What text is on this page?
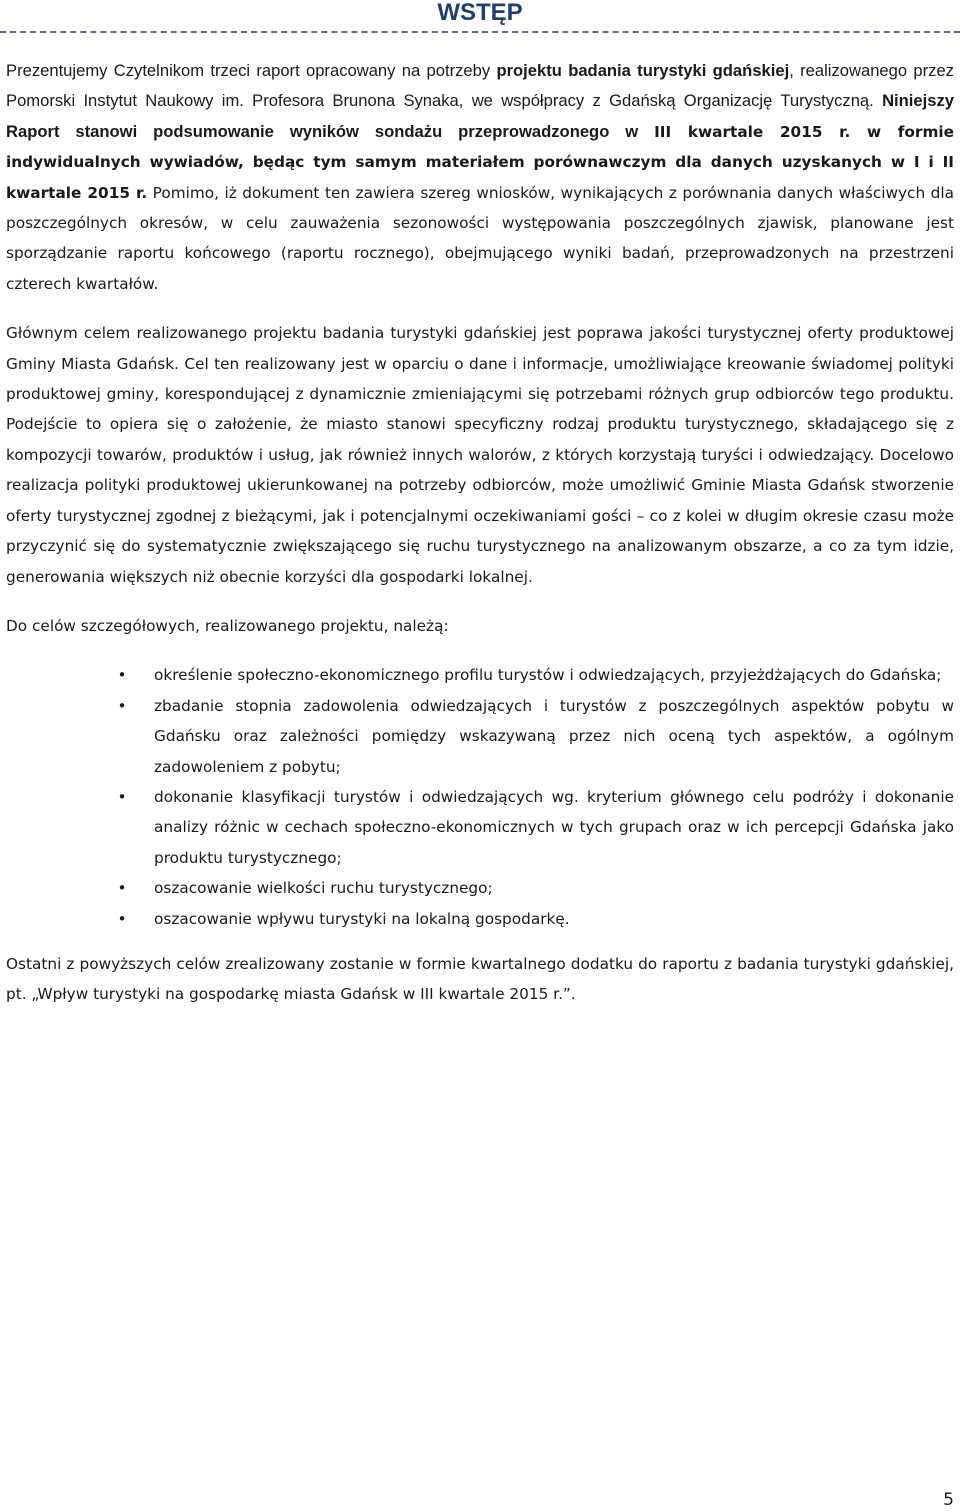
WSTĘP

Prezentujemy Czytelnikom trzeci raport opracowany na potrzeby projektu badania turystyki gdańskiej, realizowanego przez Pomorski Instytut Naukowy im. Profesora Brunona Synaka, we współpracy z Gdańską Organizację Turystyczną. Niniejszy Raport stanowi podsumowanie wyników sondażu przeprowadzonego w III kwartale 2015 r. w formie indywidualnych wywiadów, będąc tym samym materiałem porównawczym dla danych uzyskanych w I i II kwartale 2015 r. Pomimo, iż dokument ten zawiera szereg wniosków, wynikających z porównania danych właściwych dla poszczególnych okresów, w celu zauważenia sezonowości występowania poszczególnych zjawisk, planowane jest sporządzanie raportu końcowego (raportu rocznego), obejmującego wyniki badań, przeprowadzonych na przestrzeni czterech kwartałów.

Głównym celem realizowanego projektu badania turystyki gdańskiej jest poprawa jakości turystycznej oferty produktowej Gminy Miasta Gdańsk. Cel ten realizowany jest w oparciu o dane i informacje, umożliwiające kreowanie świadomej polityki produktowej gminy, korespondującej z dynamicznie zmieniającymi się potrzebami różnych grup odbiorców tego produktu. Podejście to opiera się o założenie, że miasto stanowi specyficzny rodzaj produktu turystycznego, składającego się z kompozycji towarów, produktów i usług, jak również innych walorów, z których korzystają turyści i odwiedzający. Docelowo realizacja polityki produktowej ukierunkowanej na potrzeby odbiorców, może umożliwić Gminie Miasta Gdańsk stworzenie oferty turystycznej zgodnej z bieżącymi, jak i potencjalnymi oczekiwaniami gości – co z kolei w długim okresie czasu może przyczynić się do systematycznie zwiększającego się ruchu turystycznego na analizowanym obszarze, a co za tym idzie, generowania większych niż obecnie korzyści dla gospodarki lokalnej.

Do celów szczegółowych, realizowanego projektu, należą:

• określenie społeczno-ekonomicznego profilu turystów i odwiedzających, przyjeżdżających do Gdańska;
• zbadanie stopnia zadowolenia odwiedzających i turystów z poszczególnych aspektów pobytu w Gdańsku oraz zależności pomiędzy wskazywaną przez nich oceną tych aspektów, a ogólnym zadowoleniem z pobytu;
• dokonanie klasyfikacji turystów i odwiedzających wg. kryterium głównego celu podróży i dokonanie analizy różnic w cechach społeczno-ekonomicznych w tych grupach oraz w ich percepcji Gdańska jako produktu turystycznego;
• oszacowanie wielkości ruchu turystycznego;
• oszacowanie wpływu turystyki na lokalną gospodarkę.

Ostatni z powyższych celów zrealizowany zostanie w formie kwartalnego dodatku do raportu z badania turystyki gdańskiej, pt. „Wpływ turystyki na gospodarkę miasta Gdańsk w III kwartale 2015 r.”.

5
